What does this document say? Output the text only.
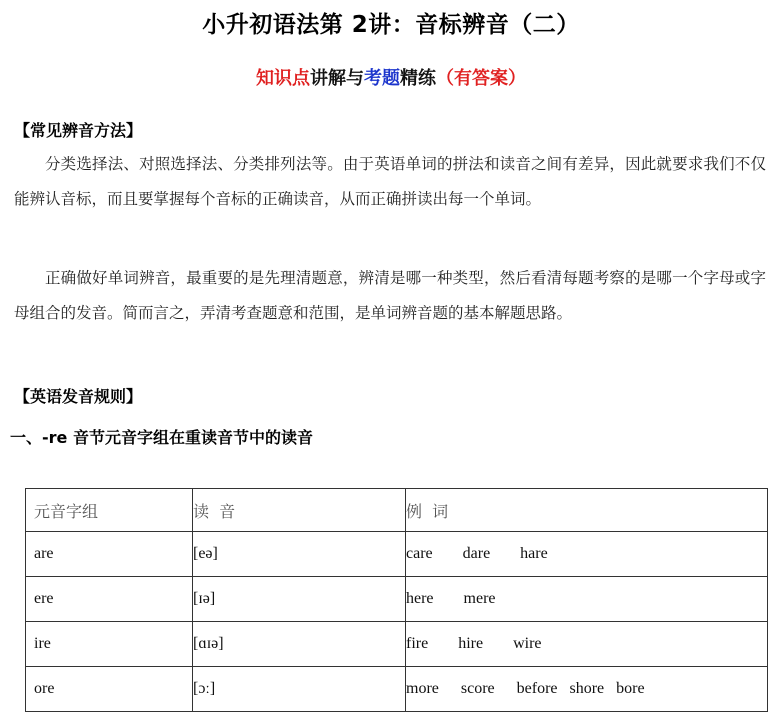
小升初语法第 2讲：音标辨音（二）
知识点讲解与考题精练（有答案）
【常见辨音方法】

分类选择法、对照选择法、分类排列法等。由于英语单词的拼法和读音之间有差异，因此就要求我们不仅能辨认音标，而且要掌握每个音标的正确读音，从而正确拼读出每一个单词。

正确做好单词辨音，最重要的是先理清题意，辨清是哪一种类型，然后看清每题考察的是哪一个字母或字母组合的发音。简而言之，弄清考查题意和范围，是单词辨音题的基本解题思路。

【英语发音规则】
一、-re 音节元音字组在重读音节中的读音
元音字组	读  音	例  词
are	[eə]	care dare hare
ere	[ɪə]	here mere
ire	[ɑɪə]	fire hire wire
ore	[ɔː]	more score before shore bore
